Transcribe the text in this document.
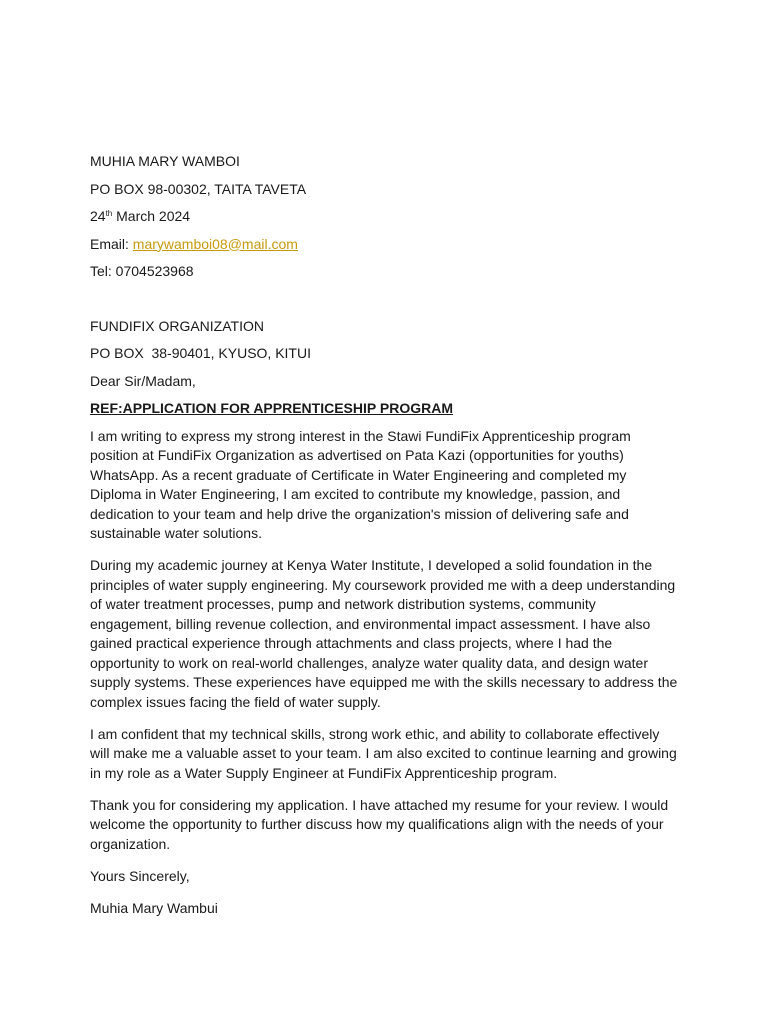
MUHIA MARY WAMBOI
PO BOX 98-00302, TAITA TAVETA
24th March 2024
Email: marywamboi08@mail.com
Tel: 0704523968
FUNDIFIX ORGANIZATION
PO BOX  38-90401, KYUSO, KITUI
Dear Sir/Madam,
REF:APPLICATION FOR APPRENTICESHIP PROGRAM

I am writing to express my strong interest in the Stawi FundiFix Apprenticeship program position at FundiFix Organization as advertised on Pata Kazi (opportunities for youths) WhatsApp. As a recent graduate of Certificate in Water Engineering and completed my Diploma in Water Engineering, I am excited to contribute my knowledge, passion, and dedication to your team and help drive the organization's mission of delivering safe and sustainable water solutions.

During my academic journey at Kenya Water Institute, I developed a solid foundation in the principles of water supply engineering. My coursework provided me with a deep understanding of water treatment processes, pump and network distribution systems, community engagement, billing revenue collection, and environmental impact assessment. I have also gained practical experience through attachments and class projects, where I had the opportunity to work on real-world challenges, analyze water quality data, and design water supply systems. These experiences have equipped me with the skills necessary to address the complex issues facing the field of water supply.

I am confident that my technical skills, strong work ethic, and ability to collaborate effectively will make me a valuable asset to your team. I am also excited to continue learning and growing in my role as a Water Supply Engineer at FundiFix Apprenticeship program.

Thank you for considering my application. I have attached my resume for your review. I would welcome the opportunity to further discuss how my qualifications align with the needs of your organization.

Yours Sincerely,
Muhia Mary Wambui
